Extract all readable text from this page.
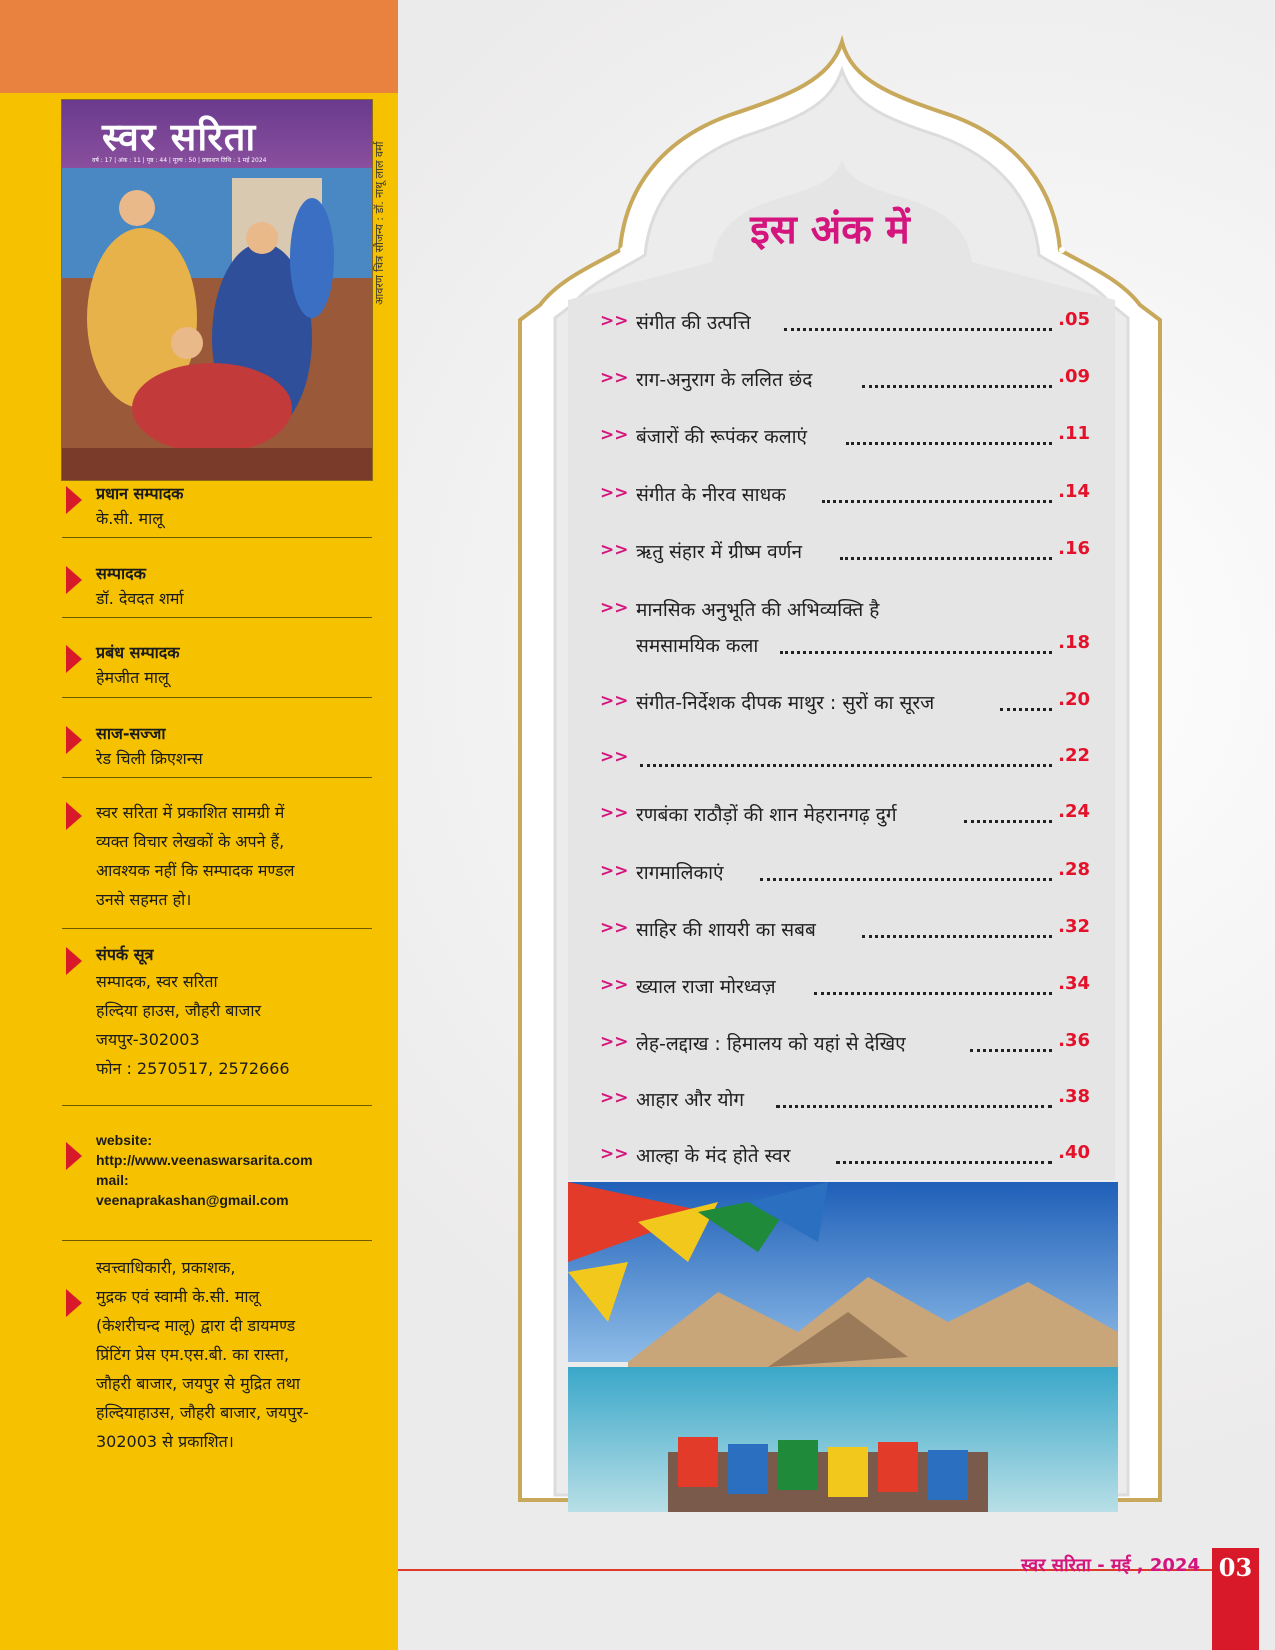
स्वर सरिता
वर्ष : 17 | अंक : 11 | पृष्ठ : 44 | मूल्य : 50 | प्रकाशन तिथि : 1 मई 2024	आवरण चित्र सौजन्य : डॉ. नाथू लाल वर्मा
प्रधान सम्पादक
के.सी. मालू
सम्पादक
डॉ. देवदत शर्मा
प्रबंध सम्पादक
हेमजीत मालू
साज-सज्जा
रेड चिली क्रिएशन्स
स्वर सरिता में प्रकाशित सामग्री में
व्यक्त विचार लेखकों के अपने हैं,
आवश्यक नहीं कि सम्पादक मण्डल
उनसे सहमत हो।
संपर्क सूत्र
सम्पादक, स्वर सरिता
हल्दिया हाउस, जौहरी बाजार
जयपुर-302003
फोन : 2570517, 2572666
website:
http://www.veenaswarsarita.com
mail:
veenaprakashan@gmail.com
स्वत्त्वाधिकारी, प्रकाशक,
मुद्रक एवं स्वामी के.सी. मालू
(केशरीचन्द मालू) द्वारा दी डायमण्ड
प्रिंटिंग प्रेस एम.एस.बी. का रास्ता,
जौहरी बाजार, जयपुर से मुद्रित तथा
हल्दियाहाउस, जौहरी बाजार, जयपुर-
302003 से प्रकाशित।
इस अंक में
>> संगीत की उत्पत्ति	.05
>> राग-अनुराग के ललित छंद	.09
>> बंजारों की रूपंकर कलाएं	.11
>> संगीत के नीरव साधक	.14
>> ऋतु संहार में ग्रीष्म वर्णन	.16
>> मानसिक अनुभूति की अभिव्यक्ति है
समसामयिक कला	.18
>> संगीत-निर्देशक दीपक माथुर : सुरों का सूरज	.20
>>	.22
>> रणबंका राठौड़ों की शान मेहरानगढ़ दुर्ग	.24
>> रागमालिकाएं	.28
>> साहिर की शायरी का सबब	.32
>> ख्याल राजा मोरध्वज़	.34
>> लेह-लद्दाख : हिमालय को यहां से देखिए	.36
>> आहार और योग	.38
>> आल्हा के मंद होते स्वर	.40
स्वर सरिता - मई , 2024 03
